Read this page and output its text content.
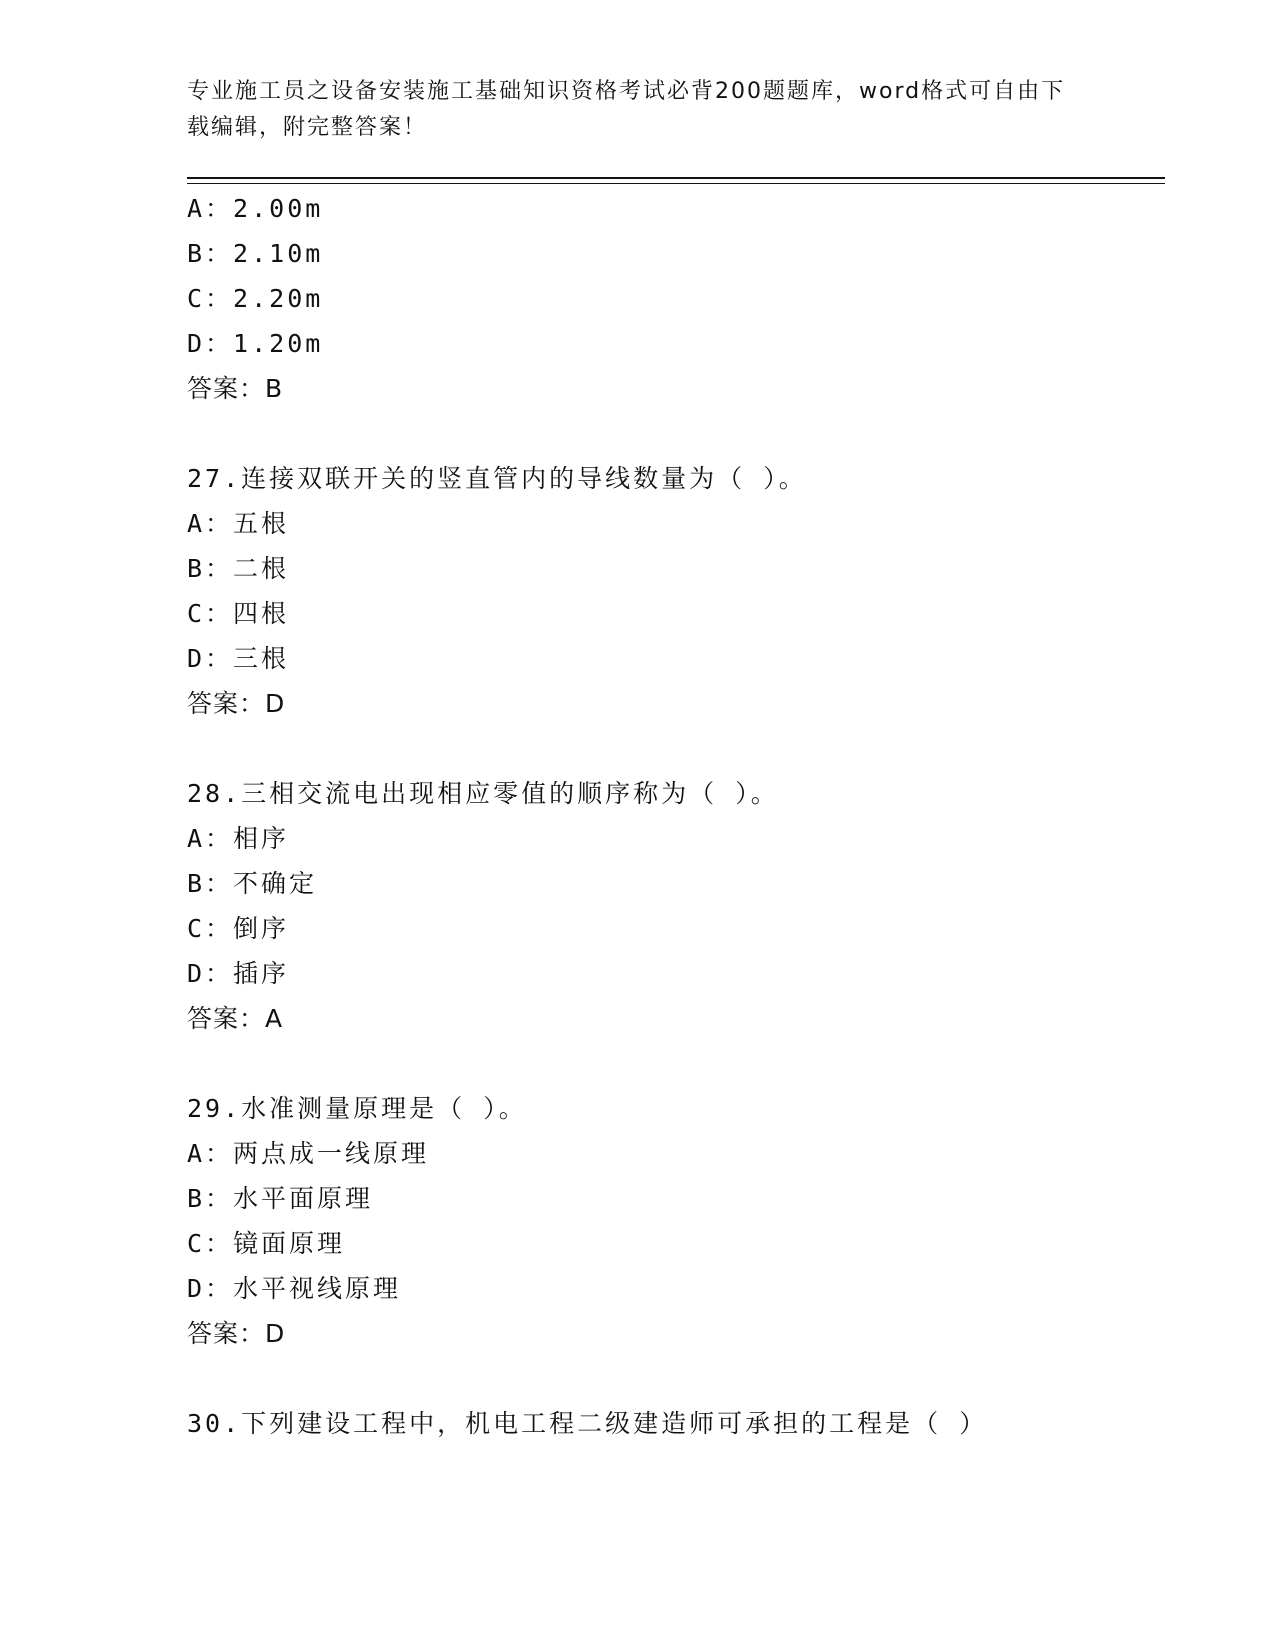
专业施工员之设备安装施工基础知识资格考试必背200题题库，word格式可自由下载编辑，附完整答案！
A：2.00m
B：2.10m
C：2.20m
D：1.20m
答案：B
27.连接双联开关的竖直管内的导线数量为（ ）。
A：五根
B：二根
C：四根
D：三根
答案：D
28.三相交流电出现相应零值的顺序称为（ ）。
A：相序
B：不确定
C：倒序
D：插序
答案：A
29.水准测量原理是（ ）。
A：两点成一线原理
B：水平面原理
C：镜面原理
D：水平视线原理
答案：D
30.下列建设工程中，机电工程二级建造师可承担的工程是（ ）
